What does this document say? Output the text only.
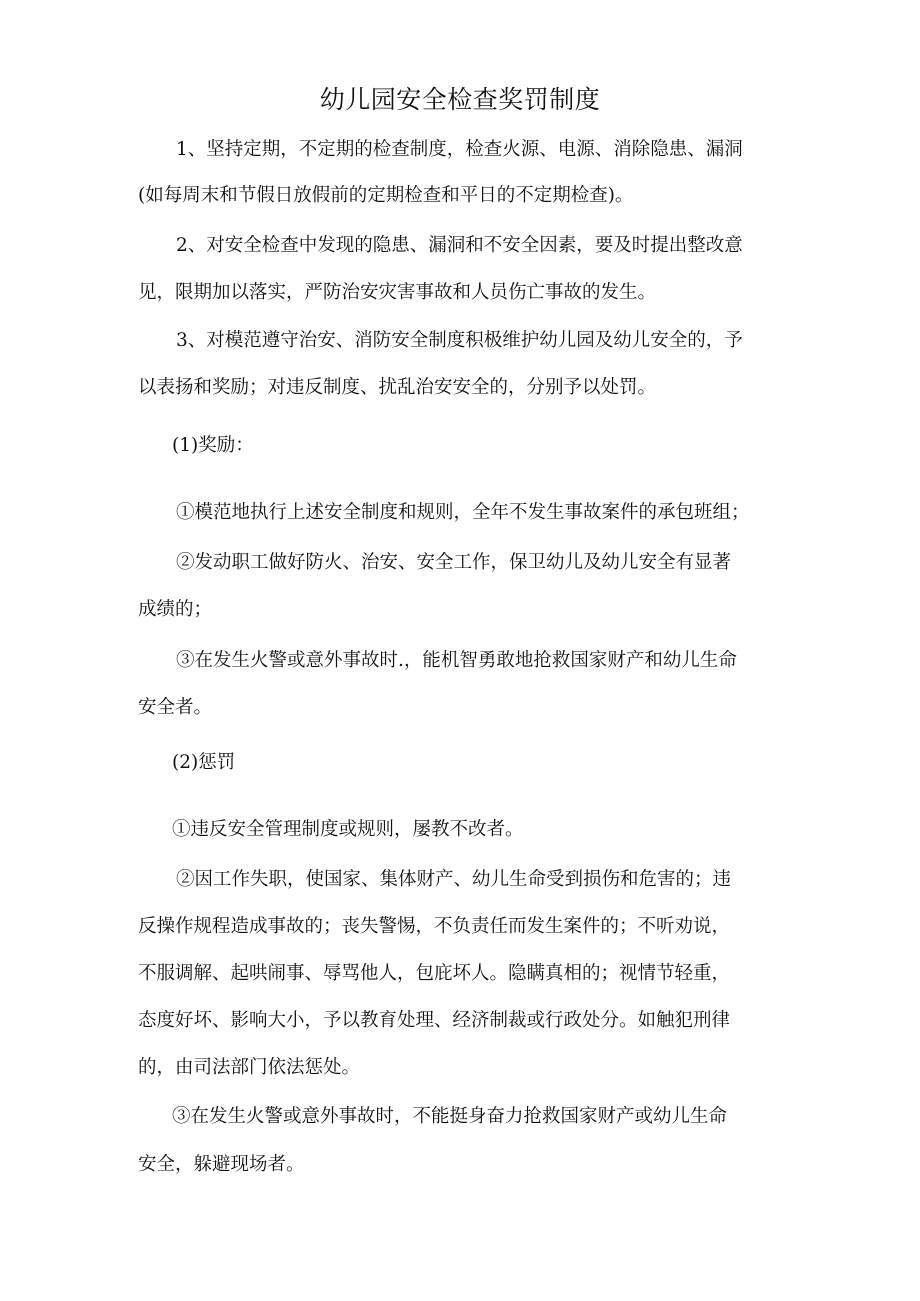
幼儿园安全检查奖罚制度
1、坚持定期，不定期的检查制度，检查火源、电源、消除隐患、漏洞
(如每周末和节假日放假前的定期检查和平日的不定期检查)。
2、对安全检查中发现的隐患、漏洞和不安全因素，要及时提出整改意
见，限期加以落实，严防治安灾害事故和人员伤亡事故的发生。
3、对模范遵守治安、消防安全制度积极维护幼儿园及幼儿安全的，予
以表扬和奖励；对违反制度、扰乱治安安全的，分别予以处罚。
(1)奖励：
①模范地执行上述安全制度和规则，全年不发生事故案件的承包班组；
②发动职工做好防火、治安、安全工作，保卫幼儿及幼儿安全有显著
成绩的；
③在发生火警或意外事故时.，能机智勇敢地抢救国家财产和幼儿生命
安全者。
(2)惩罚
①违反安全管理制度或规则，屡教不改者。
②因工作失职，使国家、集体财产、幼儿生命受到损伤和危害的；违
反操作规程造成事故的；丧失警惕，不负责任而发生案件的；不听劝说，
不服调解、起哄闹事、辱骂他人，包庇坏人。隐瞒真相的；视情节轻重，
态度好坏、影响大小，予以教育处理、经济制裁或行政处分。如触犯刑律
的，由司法部门依法惩处。
③在发生火警或意外事故时，不能挺身奋力抢救国家财产或幼儿生命
安全，躲避现场者。
